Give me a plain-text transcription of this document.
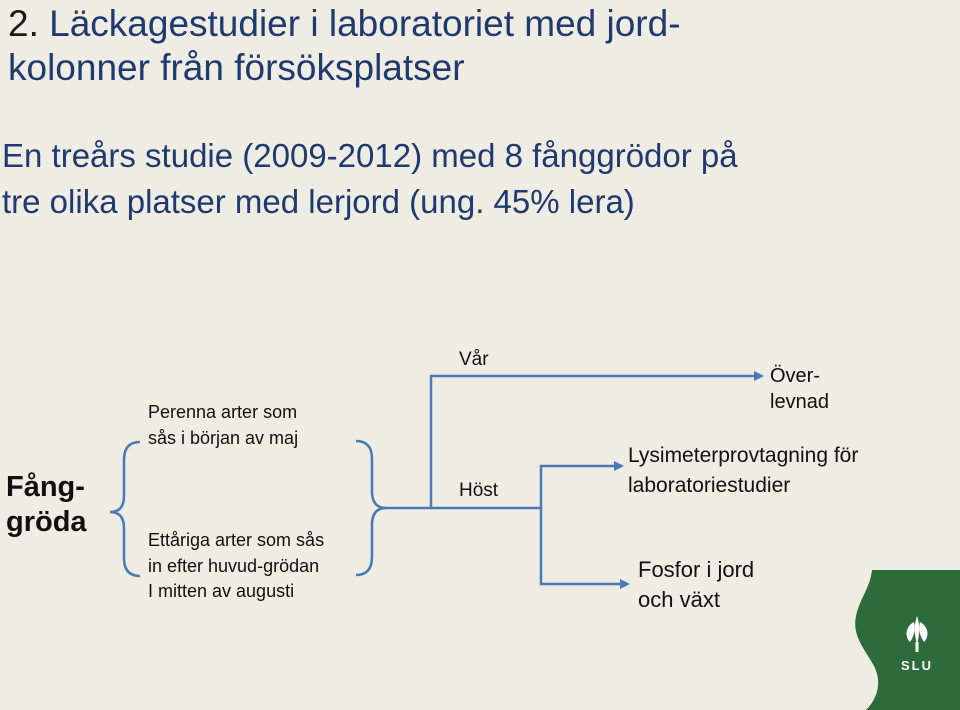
2. Läckagestudier i laboratoriet med jord-
kolonner från försöksplatser
En treårs studie (2009-2012) med 8 fånggrödor på
tre olika platser med lerjord (ung. 45% lera)
Fång-
gröda
Perenna arter som
sås i början av maj
Ettåriga arter som sås
in efter huvud-grödan
I mitten av augusti
Vår
Höst
Över-
levnad
Lysimeterprovtagning för
laboratoriestudier
Fosfor i jord
och växt
SLU
